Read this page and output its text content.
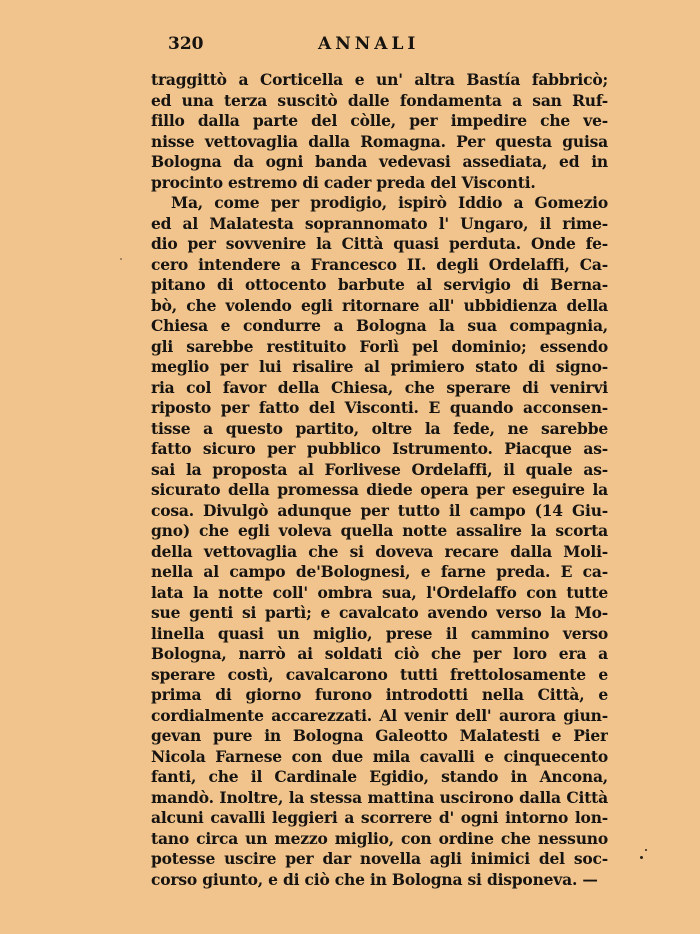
320	ANNALI
traggittò a Corticella e un' altra Bastía fabbricò;
ed una terza suscitò dalle fondamenta a san Ruf-
fillo dalla parte del còlle, per impedire che ve-
nisse vettovaglia dalla Romagna. Per questa guisa
Bologna da ogni banda vedevasi assediata, ed in
procinto estremo di cader preda del Visconti.
Ma, come per prodigio, ispirò Iddio a Gomezio
ed al Malatesta soprannomato l' Ungaro, il rime-
dio per sovvenire la Città quasi perduta. Onde fe-
cero intendere a Francesco II. degli Ordelaffi, Ca-
pitano di ottocento barbute al servigio di Berna-
bò, che volendo egli ritornare all' ubbidienza della
Chiesa e condurre a Bologna la sua compagnia,
gli sarebbe restituito Forlì pel dominio; essendo
meglio per lui risalire al primiero stato di signo-
ria col favor della Chiesa, che sperare di venirvi
riposto per fatto del Visconti. E quando acconsen-
tisse a questo partito, oltre la fede, ne sarebbe
fatto sicuro per pubblico Istrumento. Piacque as-
sai la proposta al Forlivese Ordelaffi, il quale as-
sicurato della promessa diede opera per eseguire la
cosa. Divulgò adunque per tutto il campo (14 Giu-
gno) che egli voleva quella notte assalire la scorta
della vettovaglia che si doveva recare dalla Moli-
nella al campo de'Bolognesi, e farne preda. E ca-
lata la notte coll' ombra sua, l'Ordelaffo con tutte
sue genti si partì; e cavalcato avendo verso la Mo-
linella quasi un miglio, prese il cammino verso
Bologna, narrò ai soldati ciò che per loro era a
sperare costì, cavalcarono tutti frettolosamente e
prima di giorno furono introdotti nella Città, e
cordialmente accarezzati. Al venir dell' aurora giun-
gevan pure in Bologna Galeotto Malatesti e Pier
Nicola Farnese con due mila cavalli e cinquecento
fanti, che il Cardinale Egidio, stando in Ancona,
mandò. Inoltre, la stessa mattina uscirono dalla Città
alcuni cavalli leggieri a scorrere d' ogni intorno lon-
tano circa un mezzo miglio, con ordine che nessuno
potesse uscire per dar novella agli inimici del soc-
corso giunto, e di ciò che in Bologna si disponeva. —
